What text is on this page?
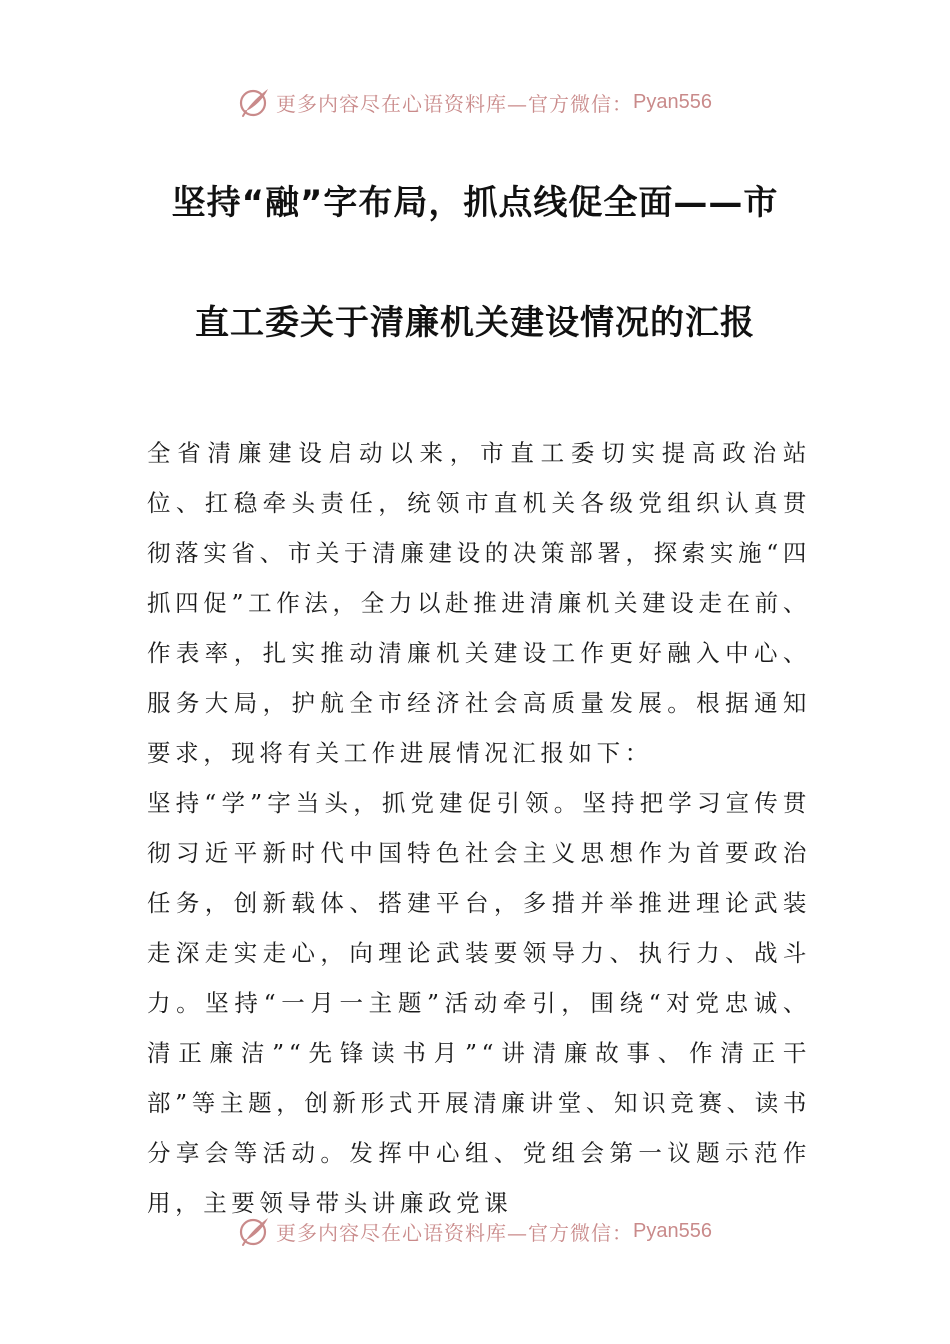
更多内容尽在心语资料库—官方微信： Pyan556
坚持“融”字布局，抓点线促全面——市
直工委关于清廉机关建设情况的汇报

全省清廉建设启动以来，市直工委切实提高政治站位、扛稳牵头责任，统领市直机关各级党组织认真贯彻落实省、市关于清廉建设的决策部署，探索实施“四抓四促”工作法，全力以赴推进清廉机关建设走在前、作表率，扎实推动清廉机关建设工作更好融入中心、服务大局，护航全市经济社会高质量发展。根据通知要求，现将有关工作进展情况汇报如下：

坚持“学”字当头，抓党建促引领。坚持把学习宣传贯彻习近平新时代中国特色社会主义思想作为首要政治任务，创新载体、搭建平台，多措并举推进理论武装走深走实走心，向理论武装要领导力、执行力、战斗力。坚持“一月一主题”活动牵引，围绕“对党忠诚、清正廉洁”“先锋读书月”“讲清廉故事、作清正干部”等主题，创新形式开展清廉讲堂、知识竞赛、读书分享会等活动。发挥中心组、党组会第一议题示范作用，主要领导带头讲廉政党课

更多内容尽在心语资料库—官方微信： Pyan556
